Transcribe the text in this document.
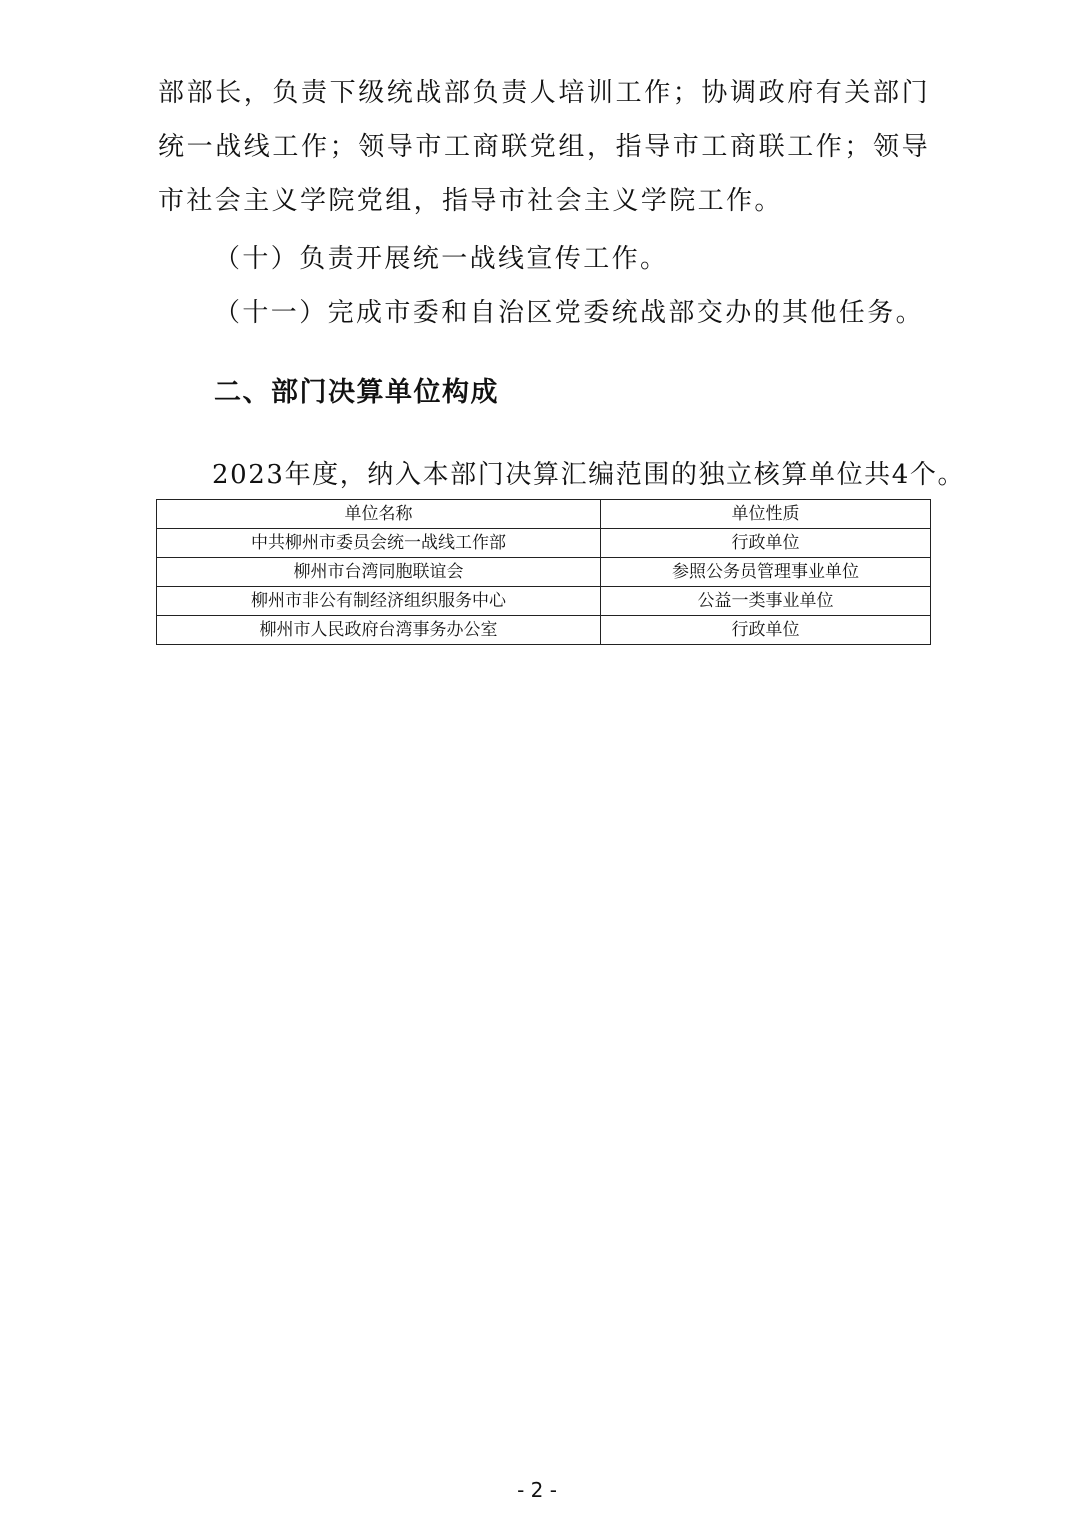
部部长，负责下级统战部负责人培训工作；协调政府有关部门统一战线工作；领导市工商联党组，指导市工商联工作；领导市社会主义学院党组，指导市社会主义学院工作。

（十）负责开展统一战线宣传工作。

（十一）完成市委和自治区党委统战部交办的其他任务。

二、部门决算单位构成

2023年度，纳入本部门决算汇编范围的独立核算单位共4个。

单位名称	单位性质
中共柳州市委员会统一战线工作部	行政单位
柳州市台湾同胞联谊会	参照公务员管理事业单位
柳州市非公有制经济组织服务中心	公益一类事业单位
柳州市人民政府台湾事务办公室	行政单位

- 2 -
